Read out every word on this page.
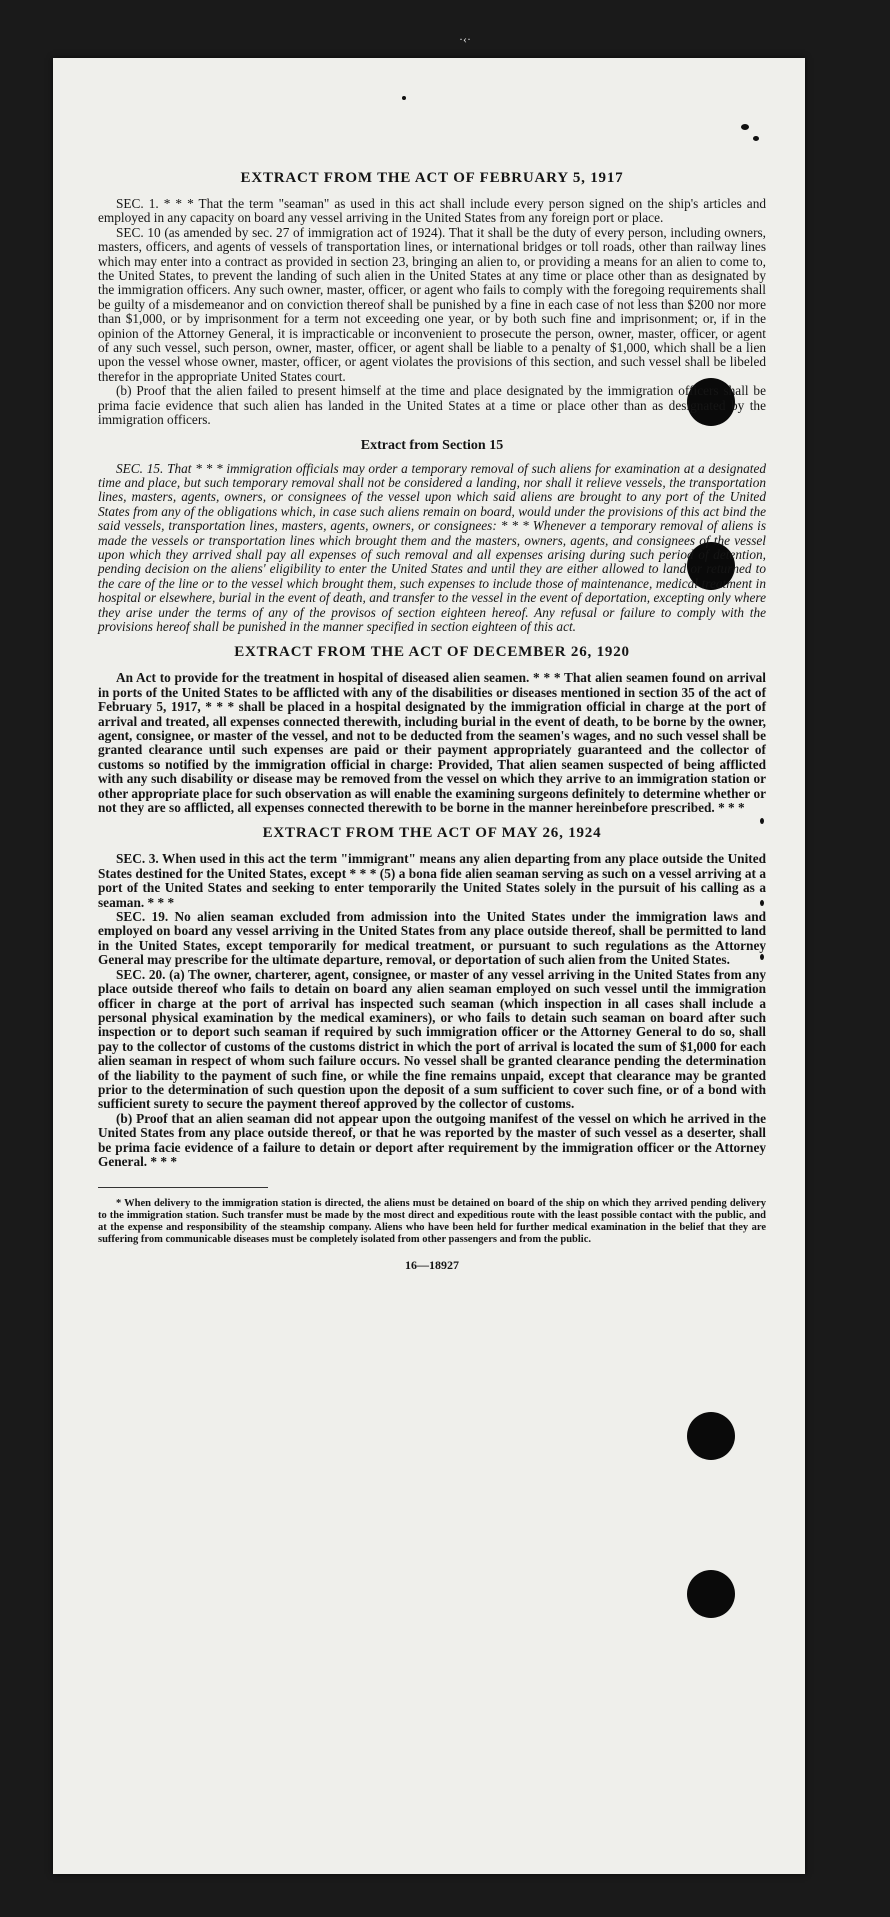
EXTRACT FROM THE ACT OF FEBRUARY 5, 1917

SEC. 1. * * * That the term "seaman" as used in this act shall include every person signed on the ship's articles and employed in any capacity on board any vessel arriving in the United States from any foreign port or place.

SEC. 10 (as amended by sec. 27 of immigration act of 1924). That it shall be the duty of every person, including owners, masters, officers, and agents of vessels of transportation lines, or international bridges or toll roads, other than railway lines which may enter into a contract as provided in section 23, bringing an alien to, or providing a means for an alien to come to, the United States, to prevent the landing of such alien in the United States at any time or place other than as designated by the immigration officers. Any such owner, master, officer, or agent who fails to comply with the foregoing requirements shall be guilty of a misdemeanor and on conviction thereof shall be punished by a fine in each case of not less than $200 nor more than $1,000, or by imprisonment for a term not exceeding one year, or by both such fine and imprisonment; or, if in the opinion of the Attorney General, it is impracticable or inconvenient to prosecute the person, owner, master, officer, or agent of any such vessel, such person, owner, master, officer, or agent shall be liable to a penalty of $1,000, which shall be a lien upon the vessel whose owner, master, officer, or agent violates the provisions of this section, and such vessel shall be libeled therefor in the appropriate United States court.

(b) Proof that the alien failed to present himself at the time and place designated by the immigration officers shall be prima facie evidence that such alien has landed in the United States at a time or place other than as designated by the immigration officers.

Extract from Section 15

SEC. 15. That * * * immigration officials may order a temporary removal of such aliens for examination at a designated time and place, but such temporary removal shall not be considered a landing, nor shall it relieve vessels, the transportation lines, masters, agents, owners, or consignees of the vessel upon which said aliens are brought to any port of the United States from any of the obligations which, in case such aliens remain on board, would under the provisions of this act bind the said vessels, transportation lines, masters, agents, owners, or consignees: * * * Whenever a temporary removal of aliens is made the vessels or transportation lines which brought them and the masters, owners, agents, and consignees of the vessel upon which they arrived shall pay all expenses of such removal and all expenses arising during such period of detention, pending decision on the aliens' eligibility to enter the United States and until they are either allowed to land or returned to the care of the line or to the vessel which brought them, such expenses to include those of maintenance, medical treatment in hospital or elsewhere, burial in the event of death, and transfer to the vessel in the event of deportation, excepting only where they arise under the terms of any of the provisos of section eighteen hereof. Any refusal or failure to comply with the provisions hereof shall be punished in the manner specified in section eighteen of this act.

EXTRACT FROM THE ACT OF DECEMBER 26, 1920

An Act to provide for the treatment in hospital of diseased alien seamen. * * * That alien seamen found on arrival in ports of the United States to be afflicted with any of the disabilities or diseases mentioned in section 35 of the act of February 5, 1917, * * * shall be placed in a hospital designated by the immigration official in charge at the port of arrival and treated, all expenses connected therewith, including burial in the event of death, to be borne by the owner, agent, consignee, or master of the vessel, and not to be deducted from the seamen's wages, and no such vessel shall be granted clearance until such expenses are paid or their payment appropriately guaranteed and the collector of customs so notified by the immigration official in charge: Provided, That alien seamen suspected of being afflicted with any such disability or disease may be removed from the vessel on which they arrive to an immigration station or other appropriate place for such observation as will enable the examining surgeons definitely to determine whether or not they are so afflicted, all expenses connected therewith to be borne in the manner hereinbefore prescribed. * * *

EXTRACT FROM THE ACT OF MAY 26, 1924

SEC. 3. When used in this act the term "immigrant" means any alien departing from any place outside the United States destined for the United States, except * * * (5) a bona fide alien seaman serving as such on a vessel arriving at a port of the United States and seeking to enter temporarily the United States solely in the pursuit of his calling as a seaman. * * *

SEC. 19. No alien seaman excluded from admission into the United States under the immigration laws and employed on board any vessel arriving in the United States from any place outside thereof, shall be permitted to land in the United States, except temporarily for medical treatment, or pursuant to such regulations as the Attorney General may prescribe for the ultimate departure, removal, or deportation of such alien from the United States.

SEC. 20. (a) The owner, charterer, agent, consignee, or master of any vessel arriving in the United States from any place outside thereof who fails to detain on board any alien seaman employed on such vessel until the immigration officer in charge at the port of arrival has inspected such seaman (which inspection in all cases shall include a personal physical examination by the medical examiners), or who fails to detain such seaman on board after such inspection or to deport such seaman if required by such immigration officer or the Attorney General to do so, shall pay to the collector of customs of the customs district in which the port of arrival is located the sum of $1,000 for each alien seaman in respect of whom such failure occurs. No vessel shall be granted clearance pending the determination of the liability to the payment of such fine, or while the fine remains unpaid, except that clearance may be granted prior to the determination of such question upon the deposit of a sum sufficient to cover such fine, or of a bond with sufficient surety to secure the payment thereof approved by the collector of customs.

(b) Proof that an alien seaman did not appear upon the outgoing manifest of the vessel on which he arrived in the United States from any place outside thereof, or that he was reported by the master of such vessel as a deserter, shall be prima facie evidence of a failure to detain or deport after requirement by the immigration officer or the Attorney General. * * *

* When delivery to the immigration station is directed, the aliens must be detained on board of the ship on which they arrived pending delivery to the immigration station. Such transfer must be made by the most direct and expeditious route with the least possible contact with the public, and at the expense and responsibility of the steamship company. Aliens who have been held for further medical examination in the belief that they are suffering from communicable diseases must be completely isolated from other passengers and from the public.

16—18927
·‹·
